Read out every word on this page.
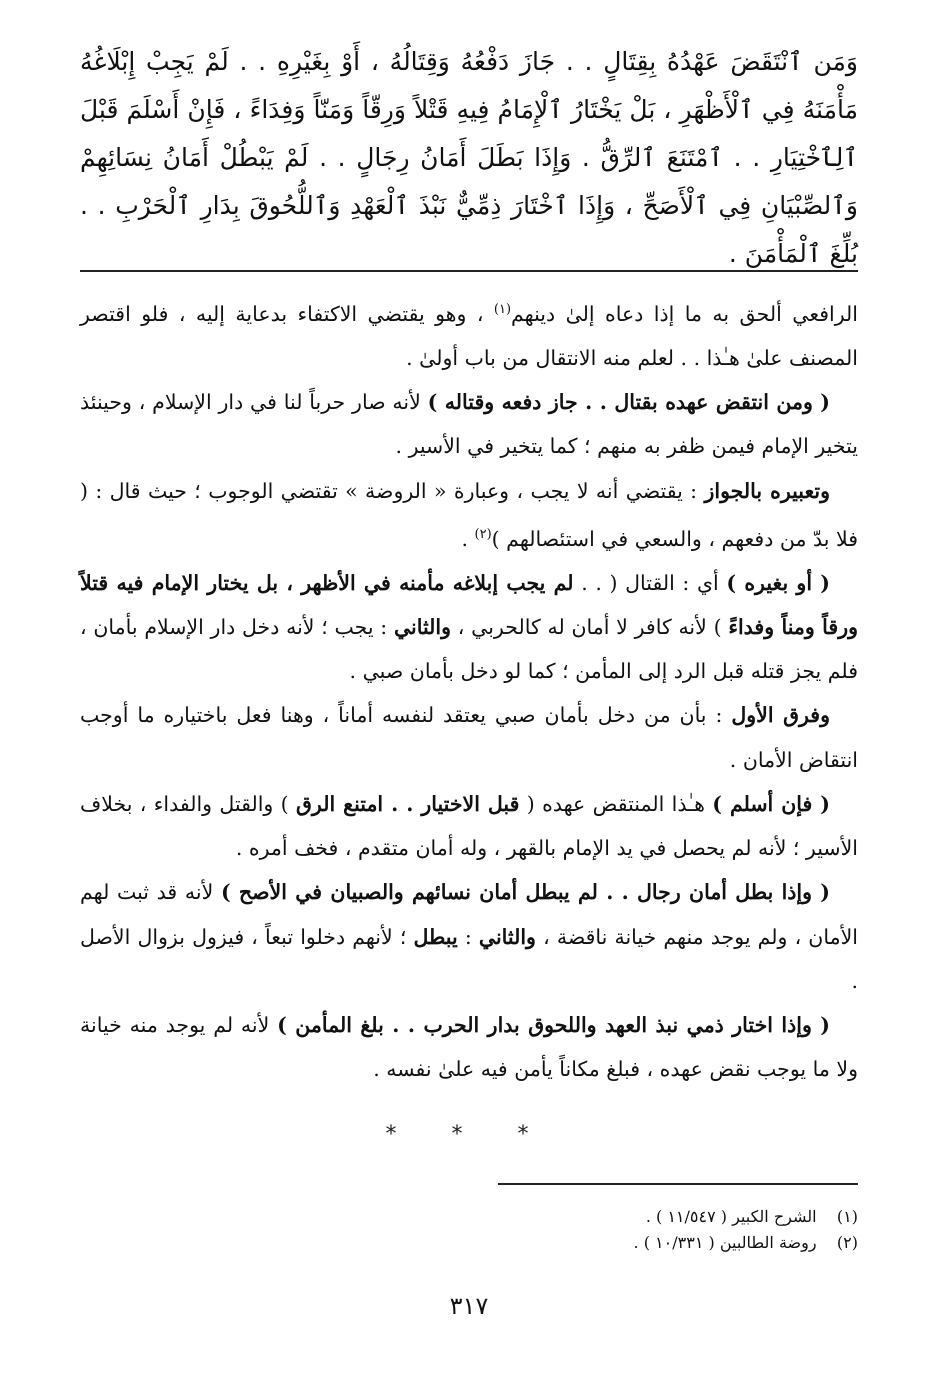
وَمَن ٱنْتَقَضَ عَهْدُهُ بِقِتَالٍ . . جَازَ دَفْعُهُ وَقِتَالُهُ ، أَوْ بِغَيْرِهِ . . لَمْ يَجِبْ إِبْلَاغُهُ مَأْمَنَهُ فِي ٱلْأَظْهَرِ ، بَلْ يَخْتَارُ ٱلْإِمَامُ فِيهِ قَتْلاً وَرِقّاً وَمَنّاً وَفِدَاءً ، فَإِنْ أَسْلَمَ قَبْلَ ٱلِٱخْتِيَارِ . . ٱمْتَنَعَ ٱلرِّقُّ . وَإِذَا بَطَلَ أَمَانُ رِجَالٍ . . لَمْ يَبْطُلْ أَمَانُ نِسَائِهِمْ وَٱلصِّبْيَانِ فِي ٱلْأَصَحِّ ، وَإِذَا ٱخْتَارَ ذِمِّيٌّ نَبْذَ ٱلْعَهْدِ وَٱللُّحُوقَ بِدَارِ ٱلْحَرْبِ . . بُلِّغَ ٱلْمَأْمَنَ .

الرافعي ألحق به ما إذا دعاه إلىٰ دينهم$^{(١)}$ ، وهو يقتضي الاكتفاء بدعاية إليه ، فلو اقتصر المصنف علىٰ هـٰذا . . لعلم منه الانتقال من باب أولىٰ .

( ومن انتقض عهده بقتال . . جاز دفعه وقتاله ) لأنه صار حرباً لنا في دار الإسلام ، وحينئذ يتخير الإمام فيمن ظفر به منهم ؛ كما يتخير في الأسير .

وتعبيره بالجواز : يقتضي أنه لا يجب ، وعبارة « الروضة » تقتضي الوجوب ؛ حيث قال : ( فلا بدّ من دفعهم ، والسعي في استئصالهم )$^{(٢)}$ .

( أو بغيره ) أي : القتال ( . . لم يجب إبلاغه مأمنه في الأظهر ، بل يختار الإمام فيه قتلاً ورقاً ومناً وفداءً ) لأنه كافر لا أمان له كالحربي ، والثاني : يجب ؛ لأنه دخل دار الإسلام بأمان ، فلم يجز قتله قبل الرد إلى المأمن ؛ كما لو دخل بأمان صبي .

وفرق الأول : بأن من دخل بأمان صبي يعتقد لنفسه أماناً ، وهنا فعل باختياره ما أوجب انتقاض الأمان .

( فإن أسلم ) هـٰذا المنتقض عهده ( قبل الاختيار . . امتنع الرق ) والقتل والفداء ، بخلاف الأسير ؛ لأنه لم يحصل في يد الإمام بالقهر ، وله أمان متقدم ، فخف أمره .

( وإذا بطل أمان رجال . . لم يبطل أمان نسائهم والصبيان في الأصح ) لأنه قد ثبت لهم الأمان ، ولم يوجد منهم خيانة ناقضة ، والثاني : يبطل ؛ لأنهم دخلوا تبعاً ، فيزول بزوال الأصل .

( وإذا اختار ذمي نبذ العهد واللحوق بدار الحرب . . بلغ المأمن ) لأنه لم يوجد منه خيانة ولا ما يوجب نقض عهده ، فبلغ مكاناً يأمن فيه علىٰ نفسه .

* * *
(١)    الشرح الكبير ( ١١/٥٤٧ ) .
(٢)    روضة الطالبين ( ١٠/٣٣١ ) .
٣١٧
